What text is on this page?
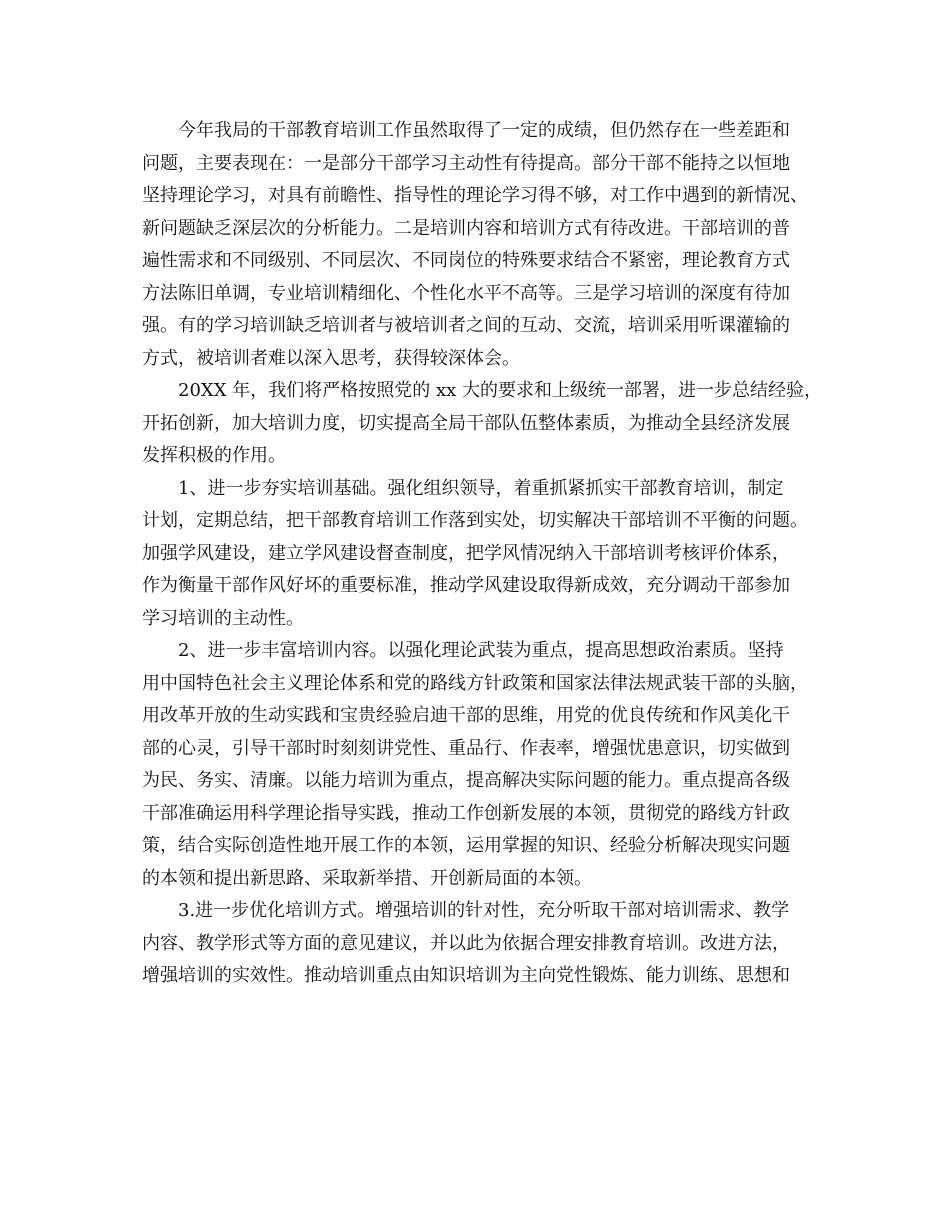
今年我局的干部教育培训工作虽然取得了一定的成绩，但仍然存在一些差距和
问题，主要表现在：一是部分干部学习主动性有待提高。部分干部不能持之以恒地
坚持理论学习，对具有前瞻性、指导性的理论学习得不够，对工作中遇到的新情况、
新问题缺乏深层次的分析能力。二是培训内容和培训方式有待改进。干部培训的普
遍性需求和不同级别、不同层次、不同岗位的特殊要求结合不紧密，理论教育方式
方法陈旧单调，专业培训精细化、个性化水平不高等。三是学习培训的深度有待加
强。有的学习培训缺乏培训者与被培训者之间的互动、交流，培训采用听课灌输的
方式，被培训者难以深入思考，获得较深体会。
20XX 年，我们将严格按照党的 xx 大的要求和上级统一部署，进一步总结经验，
开拓创新，加大培训力度，切实提高全局干部队伍整体素质，为推动全县经济发展
发挥积极的作用。
1、进一步夯实培训基础。强化组织领导，着重抓紧抓实干部教育培训，制定
计划，定期总结，把干部教育培训工作落到实处，切实解决干部培训不平衡的问题。
加强学风建设，建立学风建设督查制度，把学风情况纳入干部培训考核评价体系，
作为衡量干部作风好坏的重要标准，推动学风建设取得新成效，充分调动干部参加
学习培训的主动性。
2、进一步丰富培训内容。以强化理论武装为重点，提高思想政治素质。坚持
用中国特色社会主义理论体系和党的路线方针政策和国家法律法规武装干部的头脑，
用改革开放的生动实践和宝贵经验启迪干部的思维，用党的优良传统和作风美化干
部的心灵，引导干部时时刻刻讲党性、重品行、作表率，增强忧患意识，切实做到
为民、务实、清廉。以能力培训为重点，提高解决实际问题的能力。重点提高各级
干部准确运用科学理论指导实践，推动工作创新发展的本领，贯彻党的路线方针政
策，结合实际创造性地开展工作的本领，运用掌握的知识、经验分析解决现实问题
的本领和提出新思路、采取新举措、开创新局面的本领。
3.进一步优化培训方式。增强培训的针对性，充分听取干部对培训需求、教学
内容、教学形式等方面的意见建议，并以此为依据合理安排教育培训。改进方法，
增强培训的实效性。推动培训重点由知识培训为主向党性锻炼、能力训练、思想和
